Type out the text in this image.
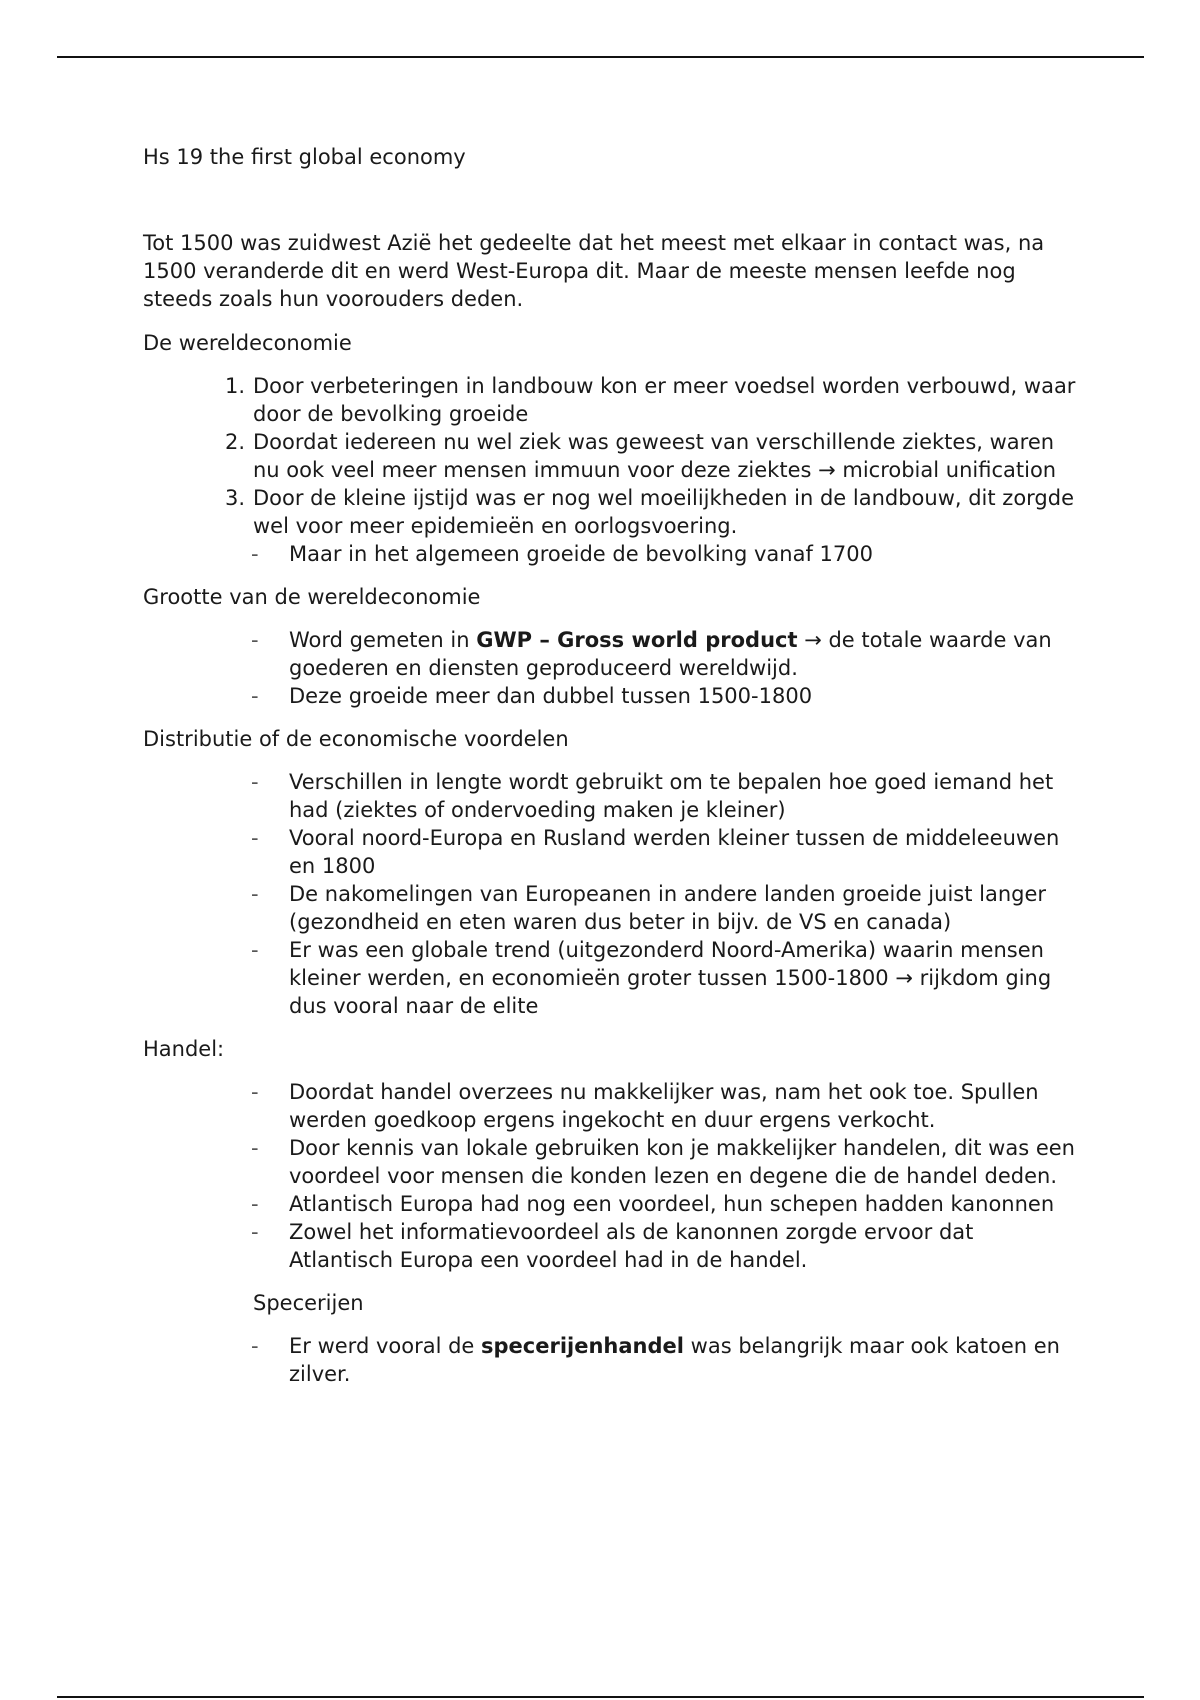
Hs 19 the first global economy

Tot 1500 was zuidwest Azië het gedeelte dat het meest met elkaar in contact was, na 1500 veranderde dit en werd West-Europa dit. Maar de meeste mensen leefde nog steeds zoals hun voorouders deden.

De wereldeconomie

1. Door verbeteringen in landbouw kon er meer voedsel worden verbouwd, waar door de bevolking groeide
2. Doordat iedereen nu wel ziek was geweest van verschillende ziektes, waren nu ook veel meer mensen immuun voor deze ziektes → microbial unification
3. Door de kleine ijstijd was er nog wel moeilijkheden in de landbouw, dit zorgde wel voor meer epidemieën en oorlogsvoering.
- Maar in het algemeen groeide de bevolking vanaf 1700

Grootte van de wereldeconomie

- Word gemeten in GWP – Gross world product → de totale waarde van goederen en diensten geproduceerd wereldwijd.
- Deze groeide meer dan dubbel tussen 1500-1800

Distributie of de economische voordelen

- Verschillen in lengte wordt gebruikt om te bepalen hoe goed iemand het had (ziektes of ondervoeding maken je kleiner)
- Vooral noord-Europa en Rusland werden kleiner tussen de middeleeuwen en 1800
- De nakomelingen van Europeanen in andere landen groeide juist langer (gezondheid en eten waren dus beter in bijv. de VS en canada)
- Er was een globale trend (uitgezonderd Noord-Amerika) waarin mensen kleiner werden, en economieën groter tussen 1500-1800 → rijkdom ging dus vooral naar de elite

Handel:

- Doordat handel overzees nu makkelijker was, nam het ook toe. Spullen werden goedkoop ergens ingekocht en duur ergens verkocht.
- Door kennis van lokale gebruiken kon je makkelijker handelen, dit was een voordeel voor mensen die konden lezen en degene die de handel deden.
- Atlantisch Europa had nog een voordeel, hun schepen hadden kanonnen
- Zowel het informatievoordeel als de kanonnen zorgde ervoor dat Atlantisch Europa een voordeel had in de handel.

Specerijen

- Er werd vooral de specerijenhandel was belangrijk maar ook katoen en zilver.
